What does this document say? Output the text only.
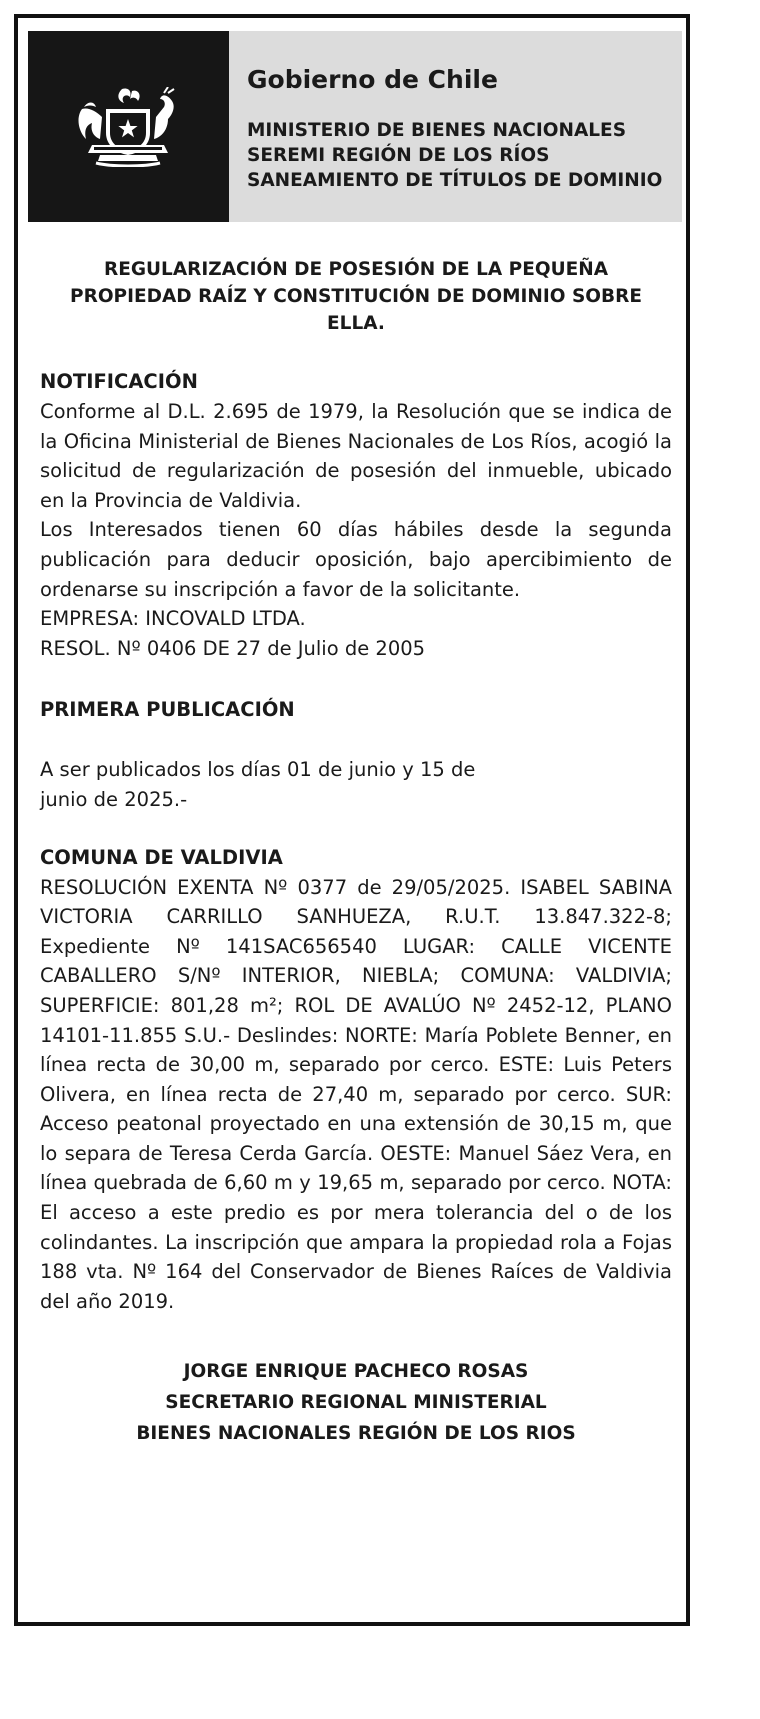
Gobierno de Chile

MINISTERIO DE BIENES NACIONALES

SEREMI REGIÓN DE LOS RÍOS

SANEAMIENTO DE TÍTULOS DE DOMINIO

REGULARIZACIÓN DE POSESIÓN DE LA PEQUEÑA

PROPIEDAD RAÍZ Y CONSTITUCIÓN DE DOMINIO SOBRE ELLA.

NOTIFICACIÓN

Conforme al D.L. 2.695 de 1979, la Resolución que se indica de la Oficina Ministerial de Bienes Nacionales de Los Ríos, acogió la solicitud de regularización de posesión del inmueble, ubicado en la Provincia de Valdivia.

Los Interesados tienen 60 días hábiles desde la segunda publicación para deducir oposición, bajo apercibimiento de ordenarse su inscripción a favor de la solicitante.

EMPRESA: INCOVALD LTDA.

RESOL. Nº 0406 DE 27 de Julio de 2005

PRIMERA PUBLICACIÓN

A ser publicados los días 01 de junio y 15 de

junio de 2025.-

COMUNA DE VALDIVIA

RESOLUCIÓN EXENTA Nº 0377 de 29/05/2025. ISABEL SABINA VICTORIA CARRILLO SANHUEZA, R.U.T. 13.847.322-8; Expediente Nº 141SAC656540 LUGAR: CALLE VICENTE CABALLERO S/Nº INTERIOR, NIEBLA; COMUNA: VALDIVIA; SUPERFICIE: 801,28 m²; ROL DE AVALÚO Nº 2452-12, PLANO 14101-11.855 S.U.- Deslindes: NORTE: María Poblete Benner, en línea recta de 30,00 m, separado por cerco. ESTE: Luis Peters Olivera, en línea recta de 27,40 m, separado por cerco. SUR: Acceso peatonal proyectado en una extensión de 30,15 m, que lo separa de Teresa Cerda García. OESTE: Manuel Sáez Vera, en línea quebrada de 6,60 m y 19,65 m, separado por cerco. NOTA: El acceso a este predio es por mera tolerancia del o de los colindantes. La inscripción que ampara la propiedad rola a Fojas 188 vta. Nº 164 del Conservador de Bienes Raíces de Valdivia del año 2019.

JORGE ENRIQUE PACHECO ROSAS

SECRETARIO REGIONAL MINISTERIAL

BIENES NACIONALES REGIÓN DE LOS RIOS
